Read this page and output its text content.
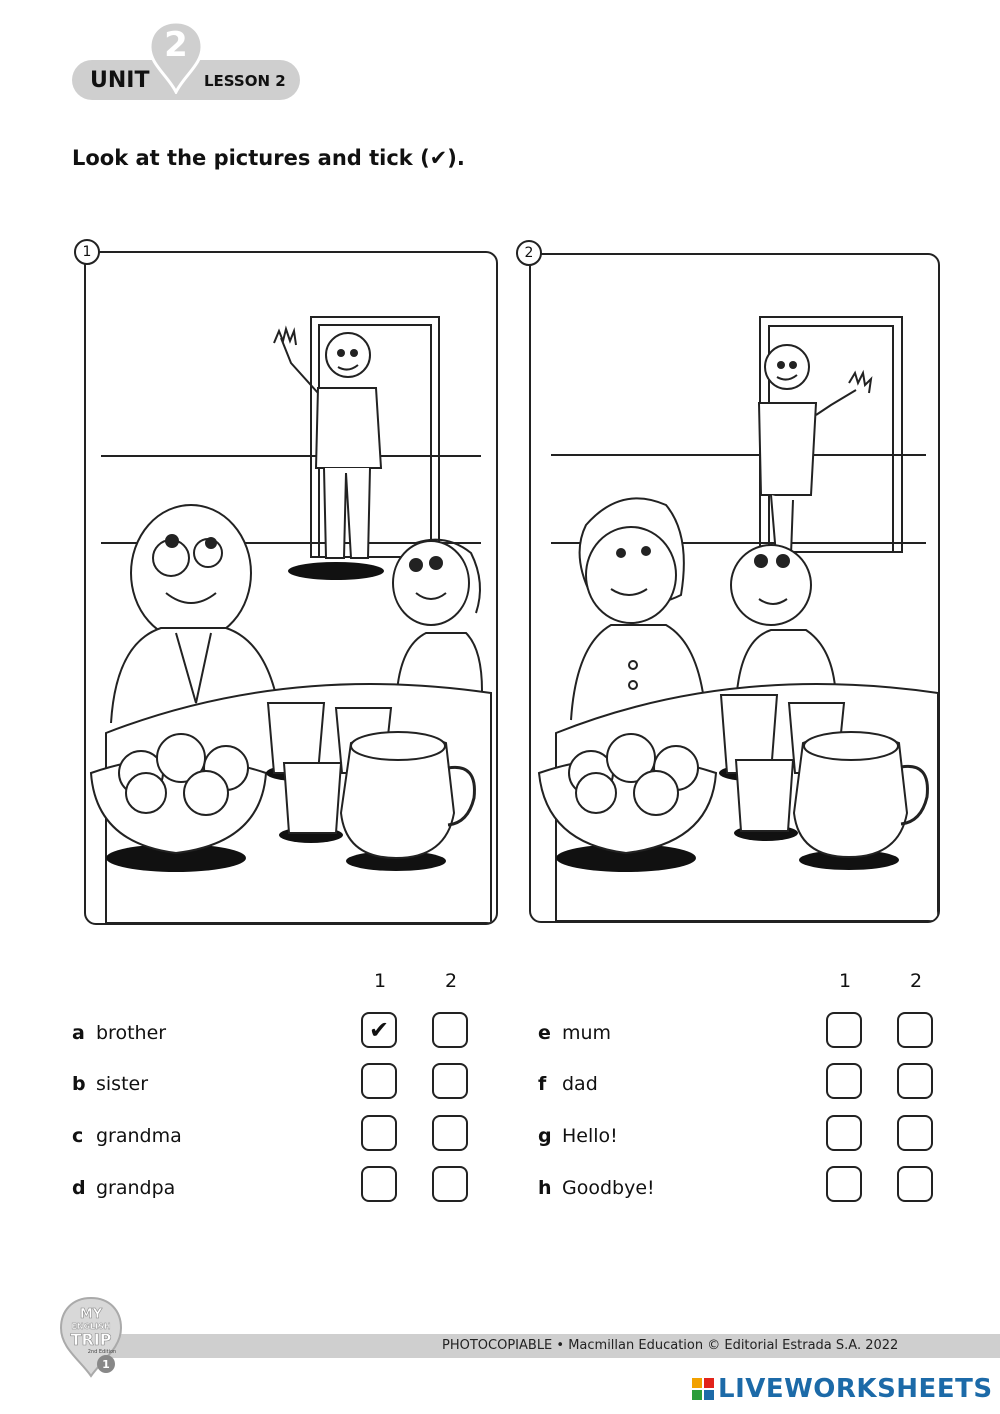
2
UNIT	LESSON 2
Look at the pictures and tick (✔).
1	2
1	2	1	2
a brother	✔
b sister
c grandma
d grandpa
e mum
f dad
g Hello!
h Goodbye!
PHOTOCOPIABLE • Macmillan Education © Editorial Estrada S.A. 2022
MY
ENGLISH
TRIP
2nd Edition
1
LIVEWORKSHEETS
